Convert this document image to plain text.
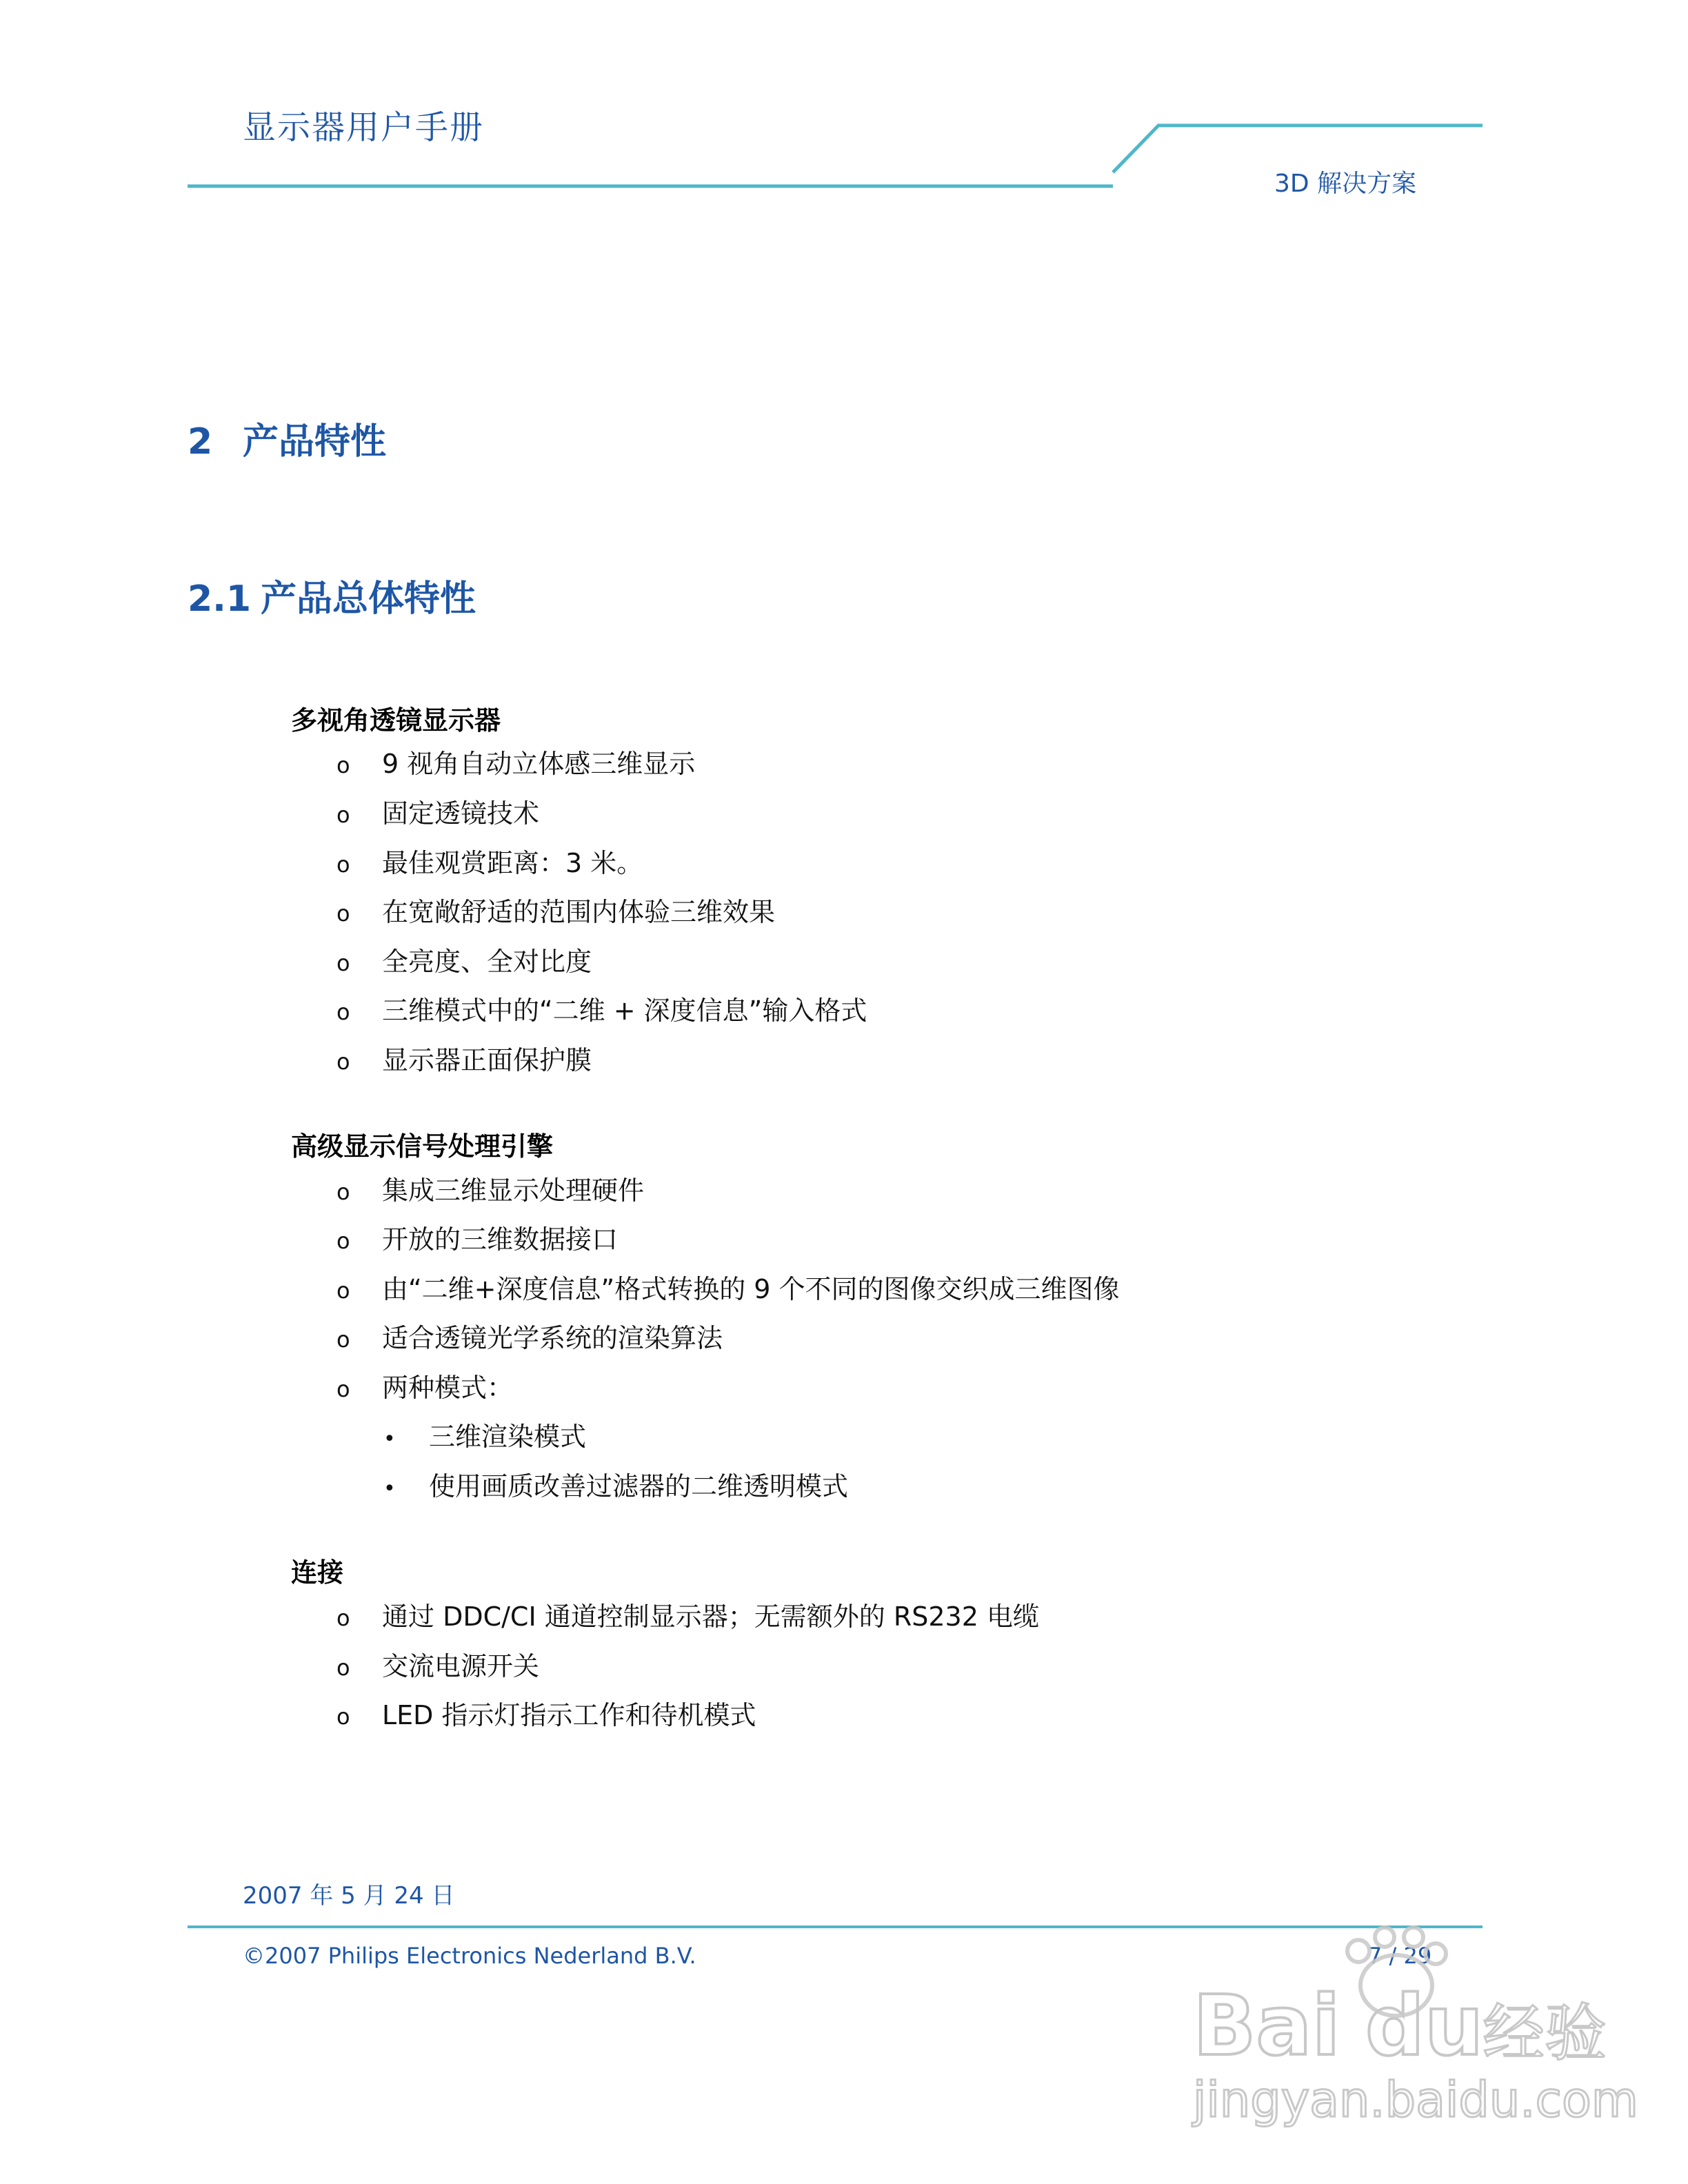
显示器用户手册
3D 解决方案
2 产品特性
2.1 产品总体特性
多视角透镜显示器
o 9 视角自动立体感三维显示
o 固定透镜技术
o 最佳观赏距离：3 米。
o 在宽敞舒适的范围内体验三维效果
o 全亮度、全对比度
o 三维模式中的“二维 + 深度信息”输入格式
o 显示器正面保护膜
高级显示信号处理引擎
o 集成三维显示处理硬件
o 开放的三维数据接口
o 由“二维+深度信息”格式转换的 9 个不同的图像交织成三维图像
o 适合透镜光学系统的渲染算法
o 两种模式：
• 三维渲染模式
• 使用画质改善过滤器的二维透明模式
连接
o 通过 DDC/CI 通道控制显示器；无需额外的 RS232 电缆
o 交流电源开关
o LED 指示灯指示工作和待机模式
2007 年 5 月 24 日
©2007 Philips Electronics Nederland B.V.	7 / 29
Bai du
经验
jingyan.baidu.com
